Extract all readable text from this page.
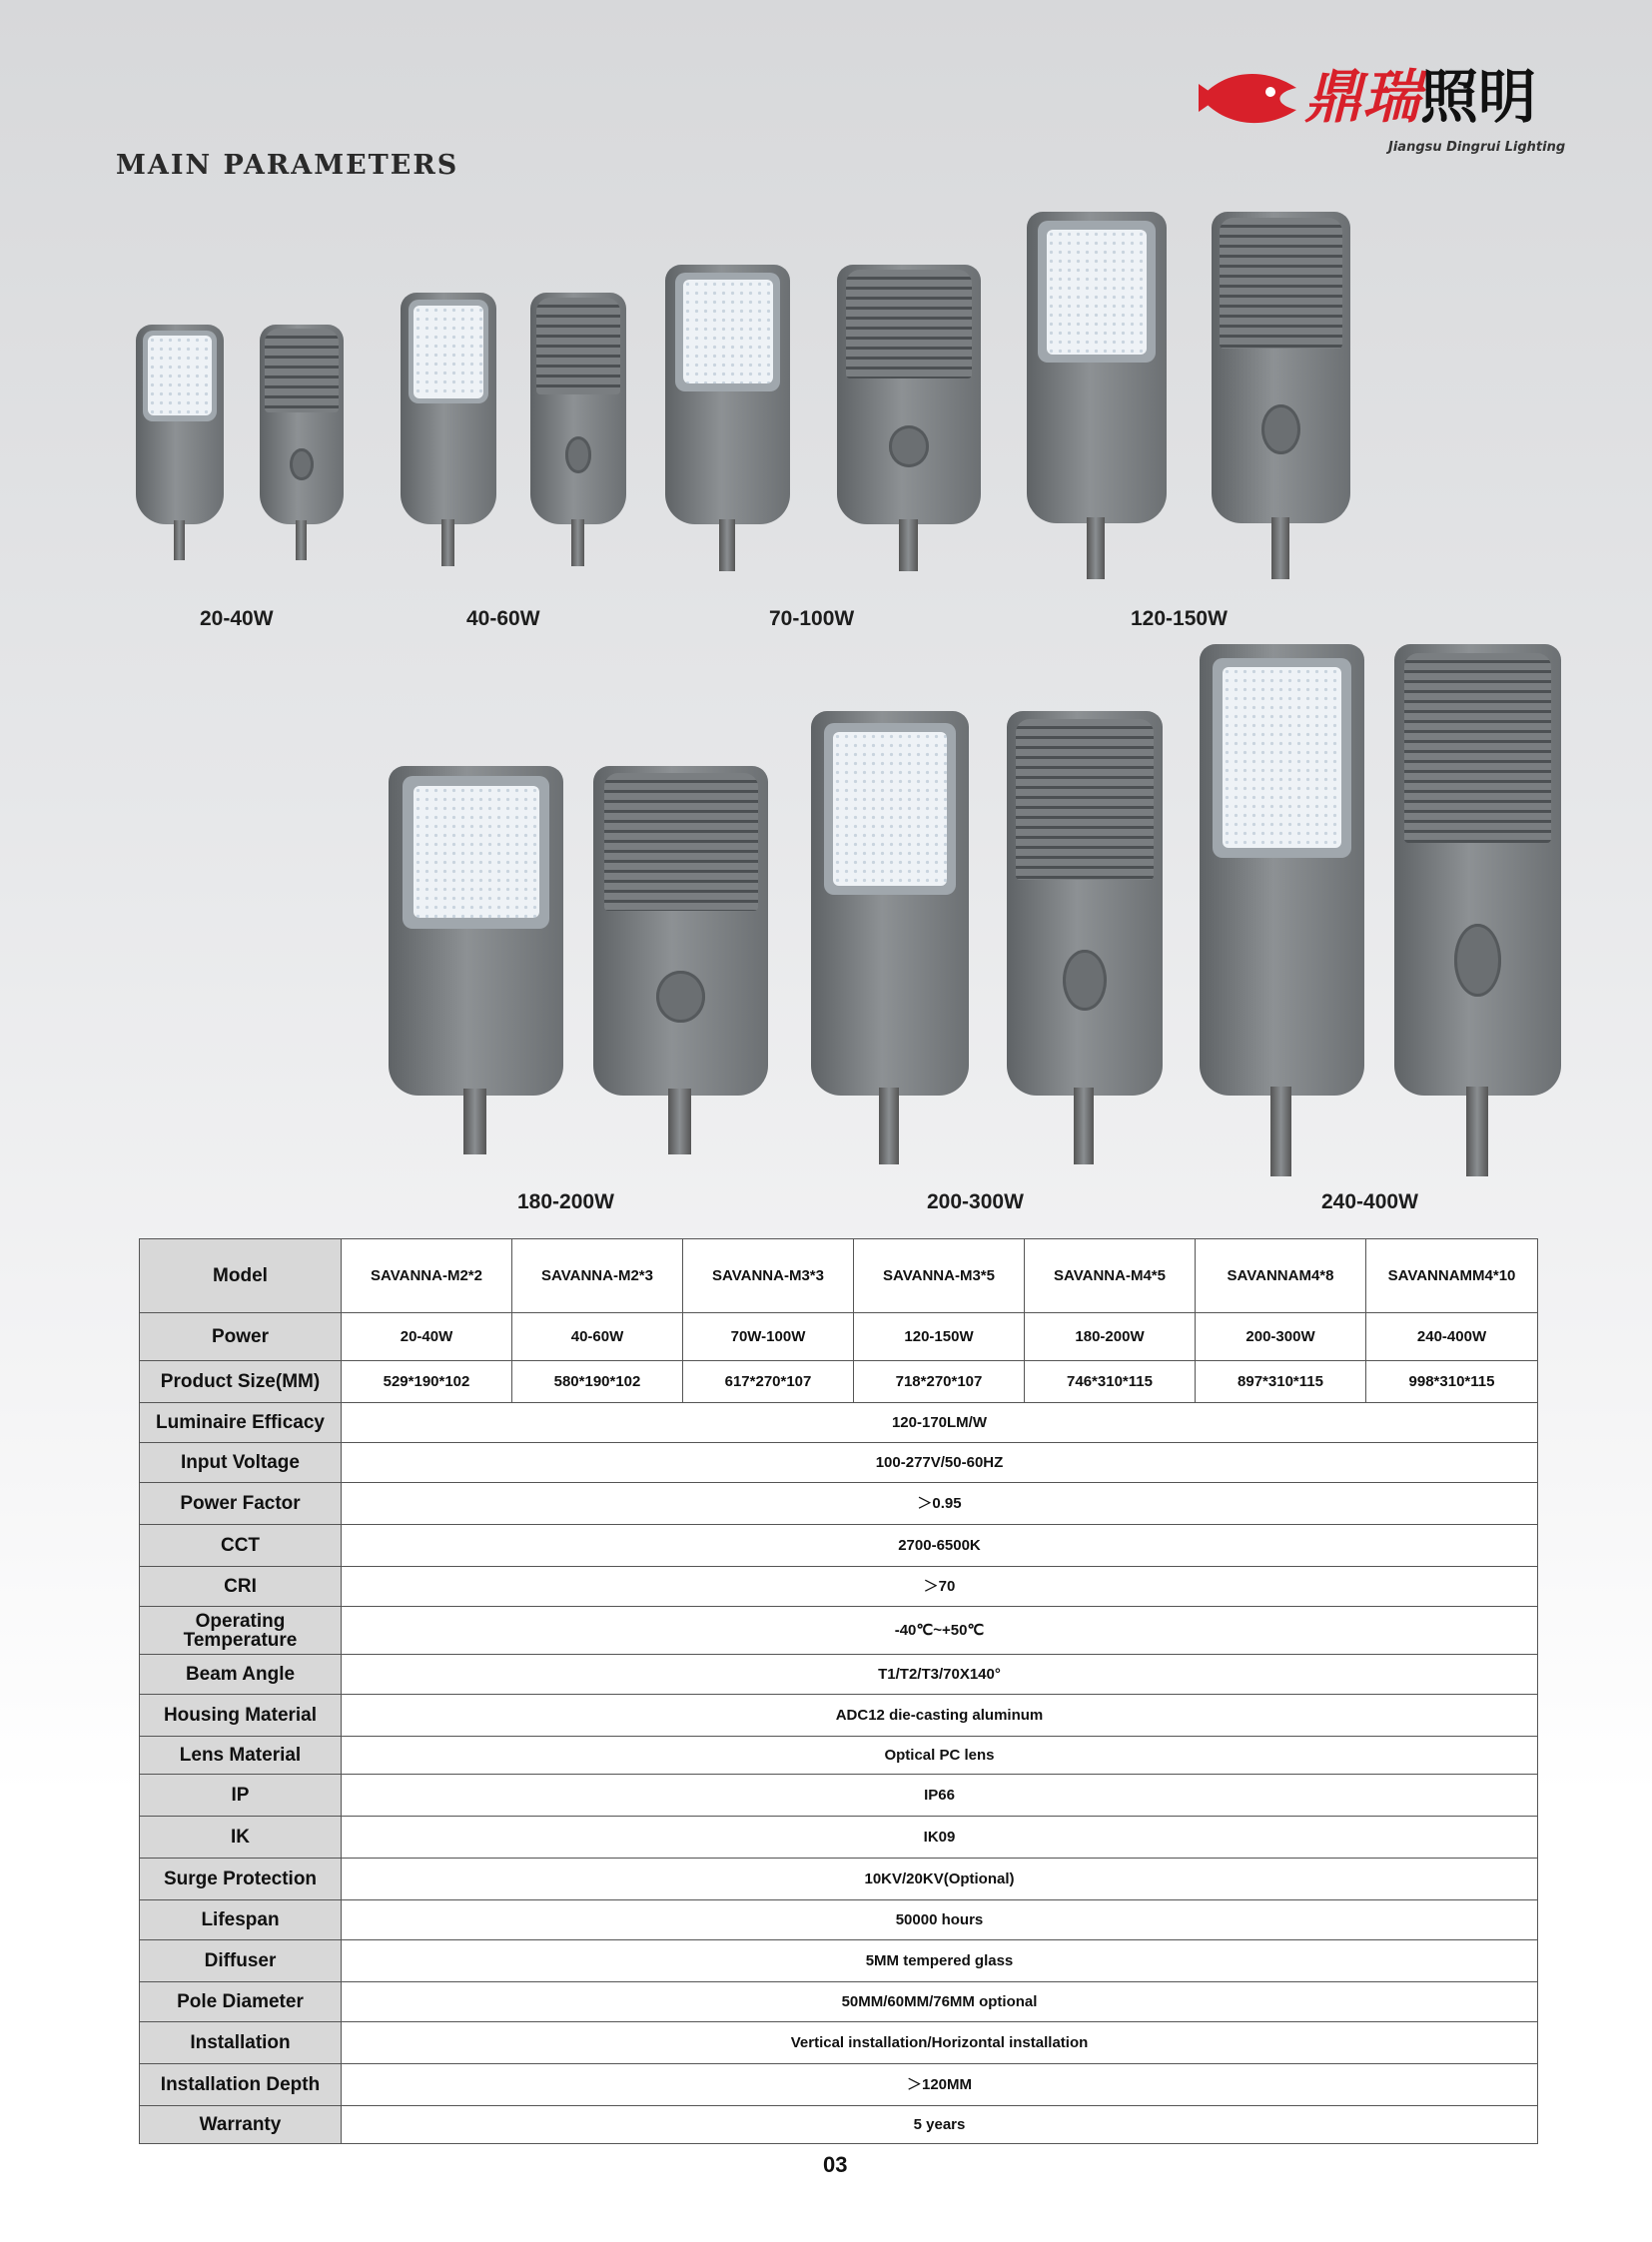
MAIN PARAMETERS
鼎瑞照明
Jiangsu Dingrui Lighting
20-40W	40-60W	70-100W	120-150W
180-200W	200-300W	240-400W
Model	SAVANNA-M2*2	SAVANNA-M2*3	SAVANNA-M3*3	SAVANNA-M3*5	SAVANNA-M4*5	SAVANNAM4*8	SAVANNAMM4*10
Power	20-40W	40-60W	70W-100W	120-150W	180-200W	200-300W	240-400W
Product Size(MM)	529*190*102	580*190*102	617*270*107	718*270*107	746*310*115	897*310*115	998*310*115
Luminaire Efficacy	120-170LM/W						
Input Voltage	100-277V/50-60HZ						
Power Factor	＞0.95						
CCT	2700-6500K						
CRI	＞70						
Operating Temperature	-40℃~+50℃						
Beam Angle	T1/T2/T3/70X140°						
Housing Material	ADC12 die-casting aluminum						
Lens Material	Optical PC lens						
IP	IP66						
IK	IK09						
Surge Protection	10KV/20KV(Optional)						
Lifespan	50000 hours						
Diffuser	5MM tempered glass						
Pole Diameter	50MM/60MM/76MM optional						
Installation	Vertical installation/Horizontal installation						
Installation Depth	＞120MM						
Warranty	5 years						
03
